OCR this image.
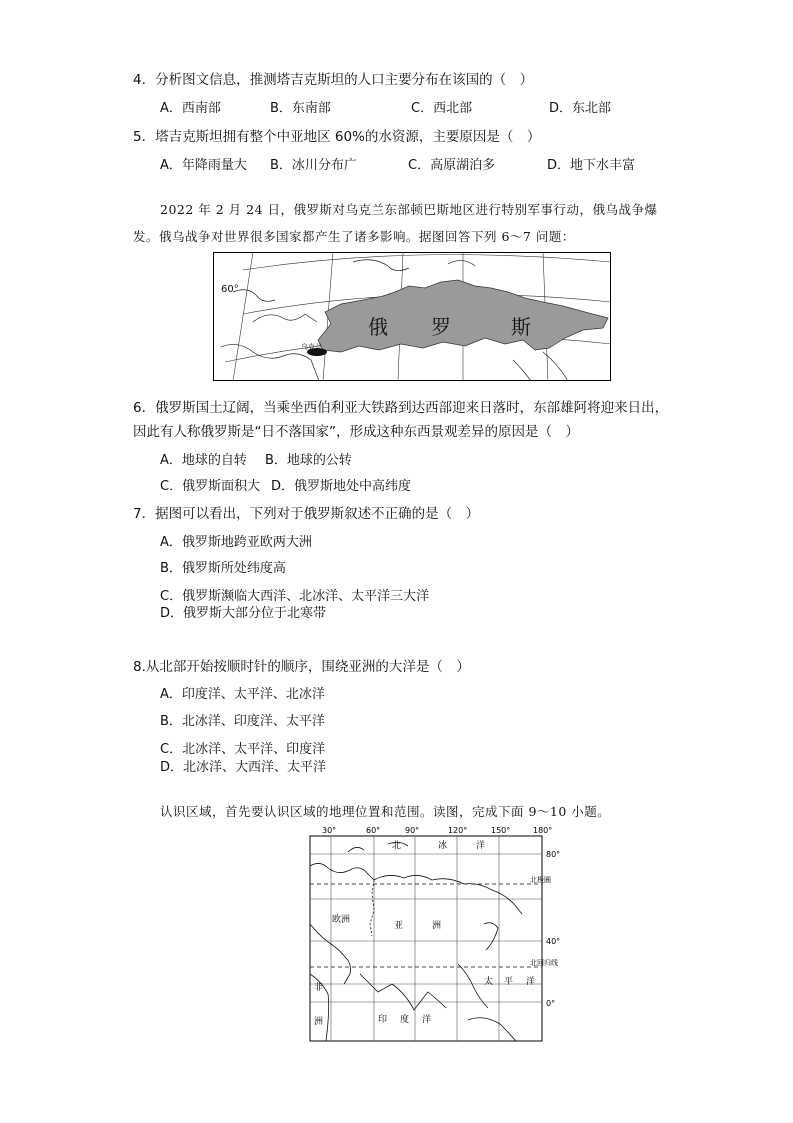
4．分析图文信息，推测塔吉克斯坦的人口主要分布在该国的（　）
A．西南部	B．东南部	C．西北部	D．东北部
5．塔吉克斯坦拥有整个中亚地区 60%的水资源，主要原因是（　）
A．年降雨量大 B．冰川分布广	C．高原湖泊多	D．地下水丰富
2022 年 2 月 24 日，俄罗斯对乌克兰东部顿巴斯地区进行特别军事行动，俄乌战争爆
发。俄乌战争对世界很多国家都产生了诸多影响。据图回答下列 6～7 问题：
乌克兰
60°
俄 罗	斯
6．俄罗斯国土辽阔，当乘坐西伯利亚大铁路到达西部迎来日落时，东部雄阿将迎来日出，
因此有人称俄罗斯是“日不落国家”，形成这种东西景观差异的原因是（　）
A．地球的自转 B．地球的公转
C．俄罗斯面积大 D．俄罗斯地处中高纬度
7．据图可以看出，下列对于俄罗斯叙述不正确的是（　）
A．俄罗斯地跨亚欧两大洲
B．俄罗斯所处纬度高
C．俄罗斯濒临大西洋、北冰洋、太平洋三大洋
D．俄罗斯大部分位于北寒带
8.从北部开始按顺时针的顺序，围绕亚洲的大洋是（　）
A．印度洋、太平洋、北冰洋
B．北冰洋、印度洋、太平洋
C．北冰洋、太平洋、印度洋
D．北冰洋、大西洋、太平洋
认识区域，首先要认识区域的地理位置和范围。读图，完成下面 9～10 小题。
30°	60°	90°	120°	150°	180°
80°
40°
0°
北极圈
北回归线
北	冰	洋
欧洲
亚	洲
非
洲
太 平 洋
印 度 洋
